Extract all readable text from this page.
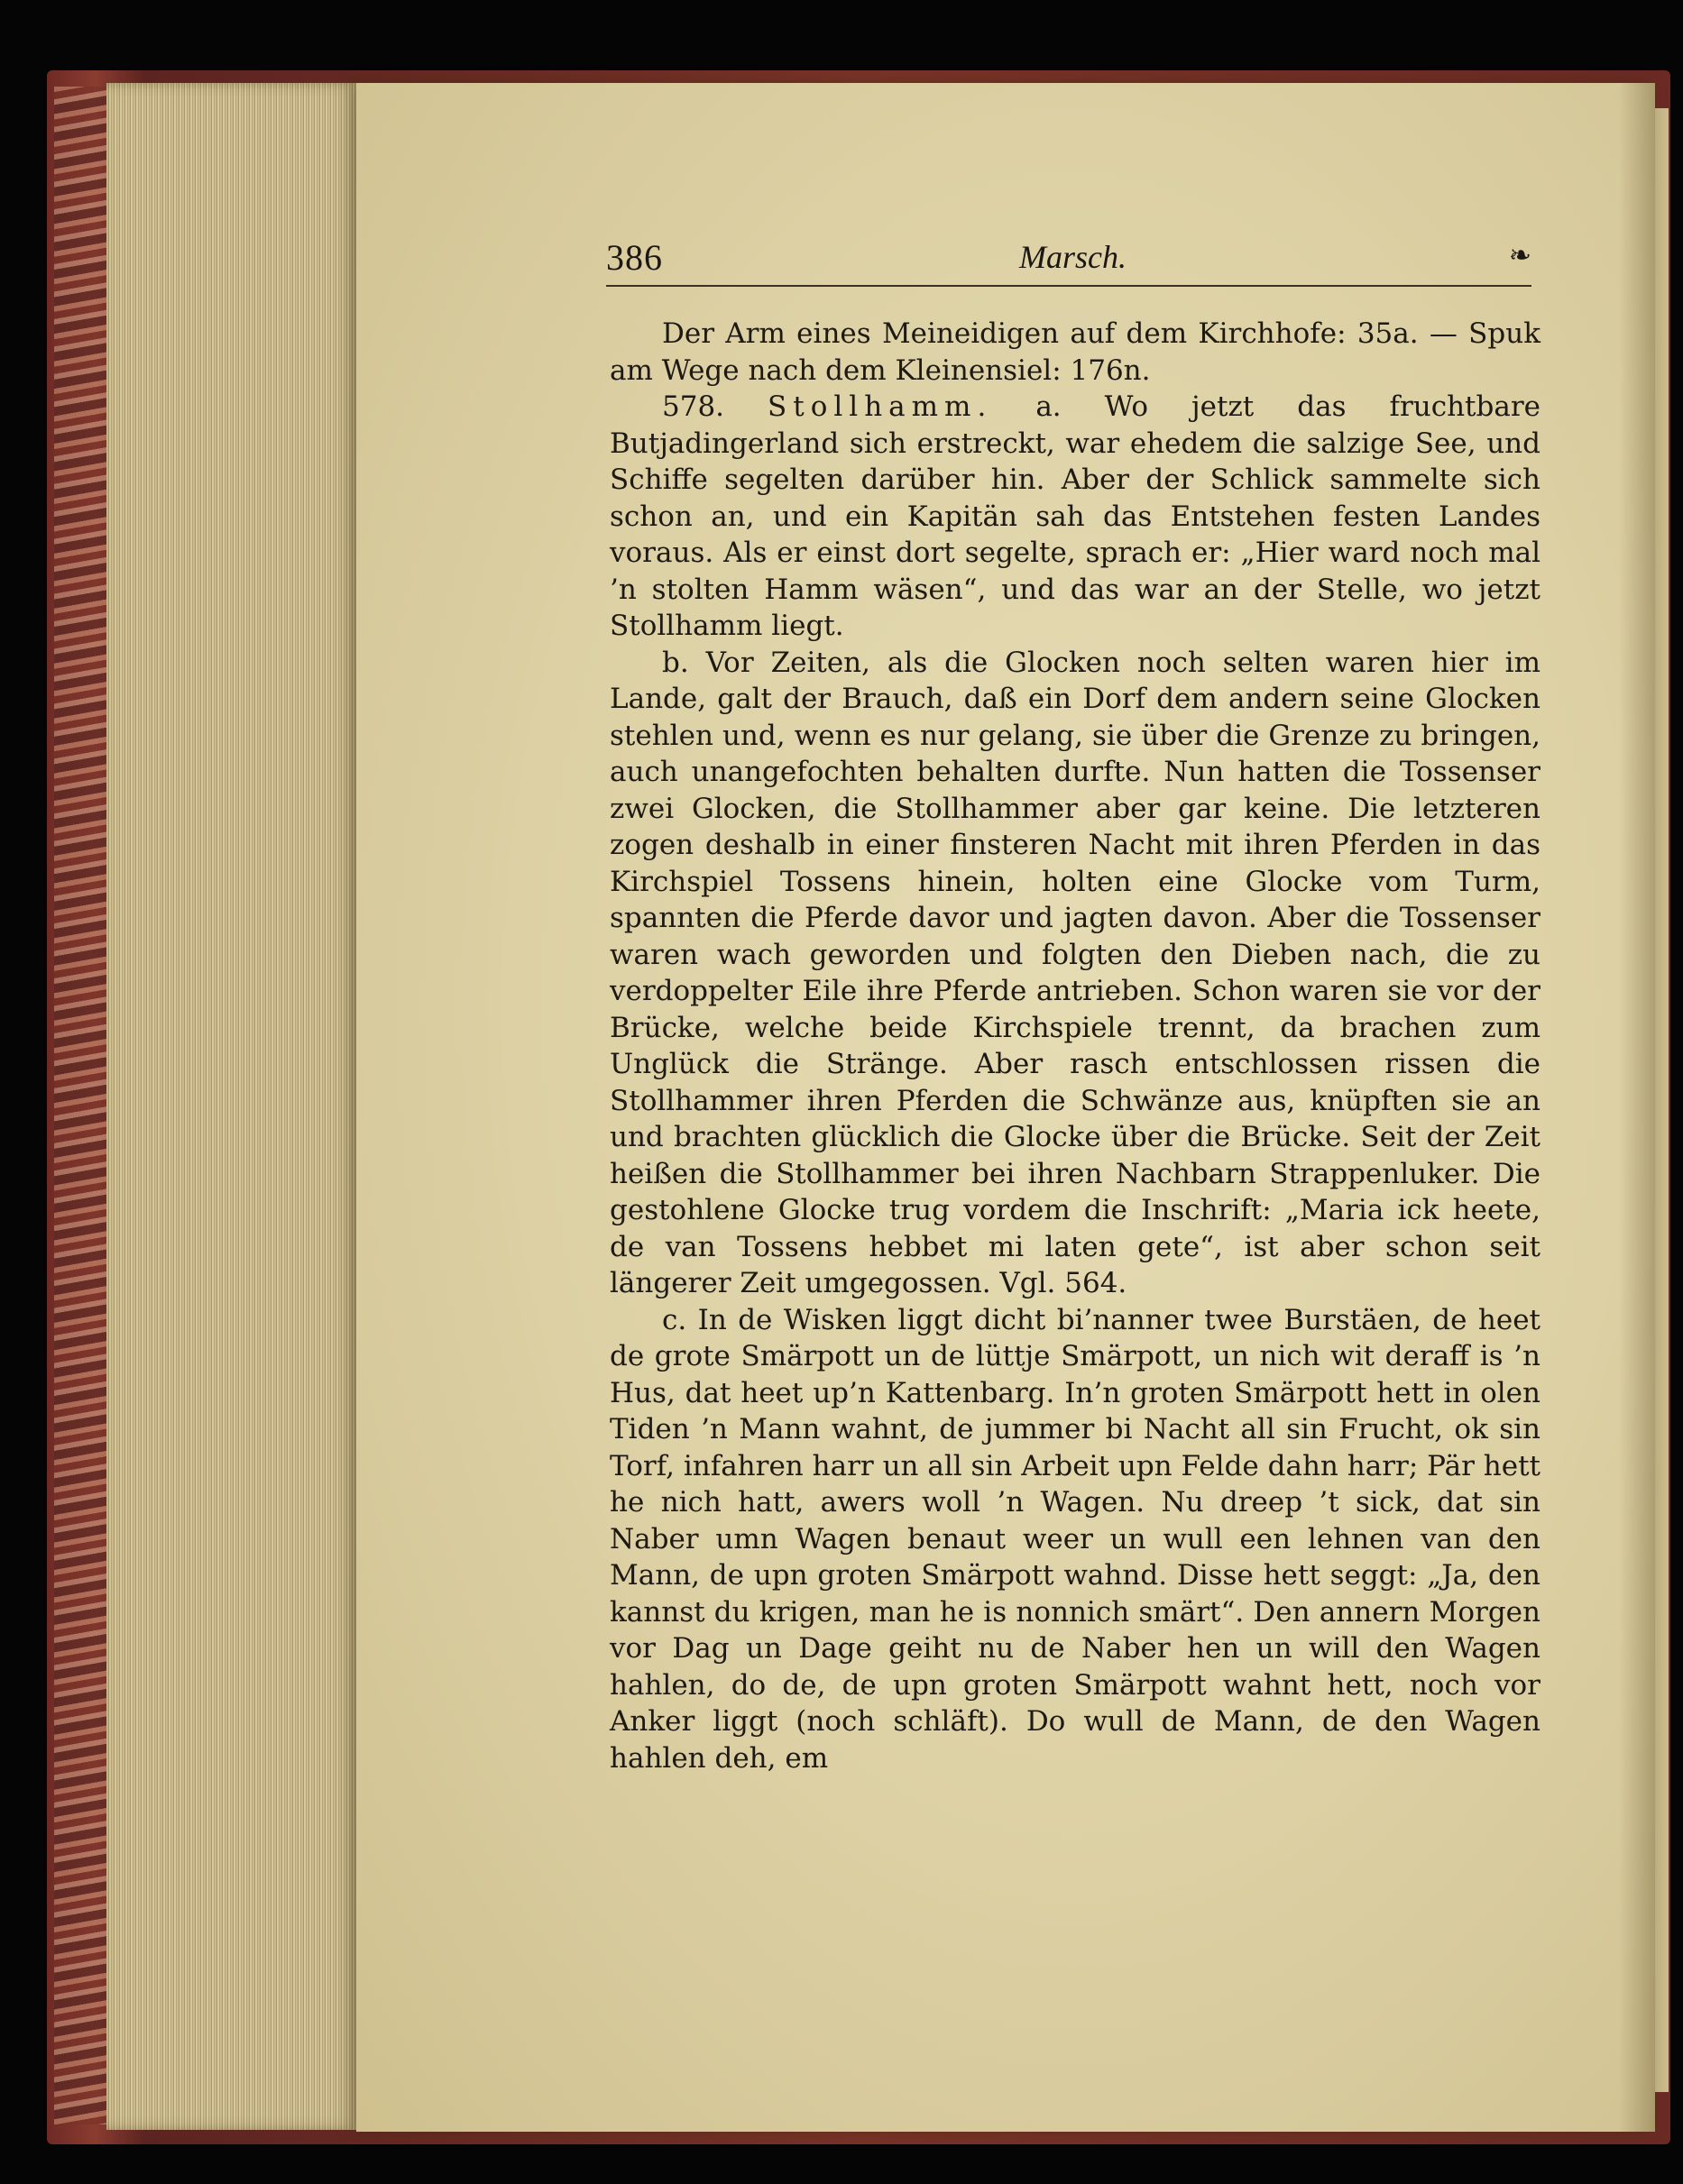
386	Marsch.	❧

Der Arm eines Meineidigen auf dem Kirchhofe: 35a. — Spuk am Wege nach dem Kleinensiel: 176n.

578. Stollhamm. a. Wo jetzt das fruchtbare Butjadingerland sich erstreckt, war ehedem die salzige See, und Schiffe segelten darüber hin. Aber der Schlick sammelte sich schon an, und ein Kapitän sah das Entstehen festen Landes voraus. Als er einst dort segelte, sprach er: „Hier ward noch mal ’n stolten Hamm wäsen“, und das war an der Stelle, wo jetzt Stollhamm liegt.

b. Vor Zeiten, als die Glocken noch selten waren hier im Lande, galt der Brauch, daß ein Dorf dem andern seine Glocken stehlen und, wenn es nur gelang, sie über die Grenze zu bringen, auch unangefochten behalten durfte. Nun hatten die Tossenser zwei Glocken, die Stollhammer aber gar keine. Die letzteren zogen deshalb in einer finsteren Nacht mit ihren Pferden in das Kirchspiel Tossens hinein, holten eine Glocke vom Turm, spannten die Pferde davor und jagten davon. Aber die Tossenser waren wach geworden und folgten den Dieben nach, die zu verdoppelter Eile ihre Pferde antrieben. Schon waren sie vor der Brücke, welche beide Kirchspiele trennt, da brachen zum Unglück die Stränge. Aber rasch entschlossen rissen die Stollhammer ihren Pferden die Schwänze aus, knüpften sie an und brachten glücklich die Glocke über die Brücke. Seit der Zeit heißen die Stollhammer bei ihren Nachbarn Strappenluker. Die gestohlene Glocke trug vordem die Inschrift: „Maria ick heete, de van Tossens hebbet mi laten gete“, ist aber schon seit längerer Zeit umgegossen. Vgl. 564.

c. In de Wisken liggt dicht bi’nanner twee Burstäen, de heet de grote Smärpott un de lüttje Smärpott, un nich wit deraff is ’n Hus, dat heet up’n Kattenbarg. In’n groten Smärpott hett in olen Tiden ’n Mann wahnt, de jummer bi Nacht all sin Frucht, ok sin Torf, infahren harr un all sin Arbeit upn Felde dahn harr; Pär hett he nich hatt, awers woll ’n Wagen. Nu dreep ’t sick, dat sin Naber umn Wagen benaut weer un wull een lehnen van den Mann, de upn groten Smärpott wahnd. Disse hett seggt: „Ja, den kannst du krigen, man he is nonnich smärt“. Den annern Morgen vor Dag un Dage geiht nu de Naber hen un will den Wagen hahlen, do de, de upn groten Smärpott wahnt hett, noch vor Anker liggt (noch schläft). Do wull de Mann, de den Wagen hahlen deh, em
